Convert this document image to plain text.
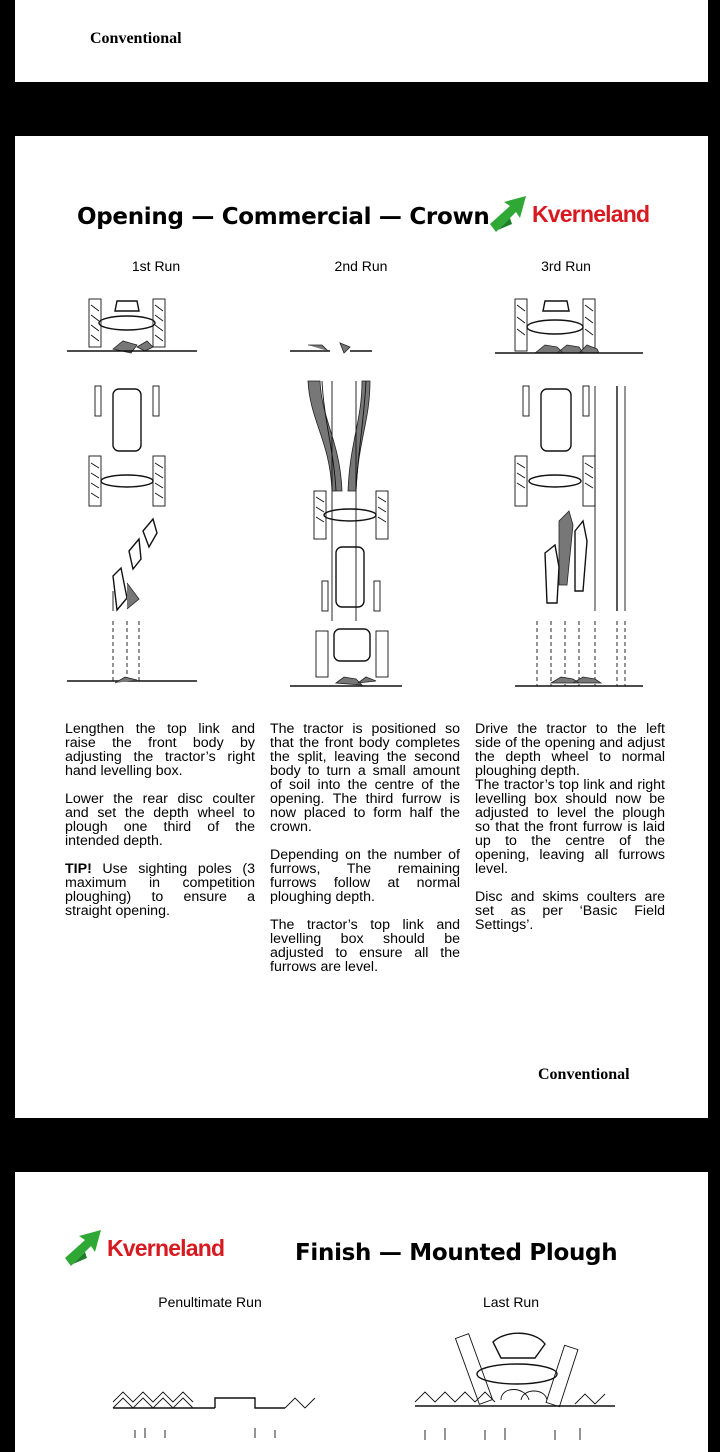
Conventional
Opening — Commercial — Crown Kverneland
1st Run	2nd Run	3rd Run

Lengthen the top link and raise the front body by adjusting the tractor’s right hand levelling box.

Lower the rear disc coulter and set the depth wheel to plough one third of the intended depth.

TIP! Use sighting poles (3 maximum in competition ploughing) to ensure a straight opening.

The tractor is positioned so that the front body completes the split, leaving the second body to turn a small amount of soil into the centre of the opening. The third furrow is now placed to form half the crown.

Depending on the number of furrows, The remaining furrows follow at normal ploughing depth.

The tractor’s top link and levelling box should be adjusted to ensure all the furrows are level.

Drive the tractor to the left side of the opening and adjust the depth wheel to normal ploughing depth.

The tractor’s top link and right levelling box should now be adjusted to level the plough so that the front furrow is laid up to the centre of the opening, leaving all furrows level.

Disc and skims coulters are set as per ‘Basic Field Settings’.

Conventional
Kverneland	Finish — Mounted Plough
Penultimate Run	Last Run
